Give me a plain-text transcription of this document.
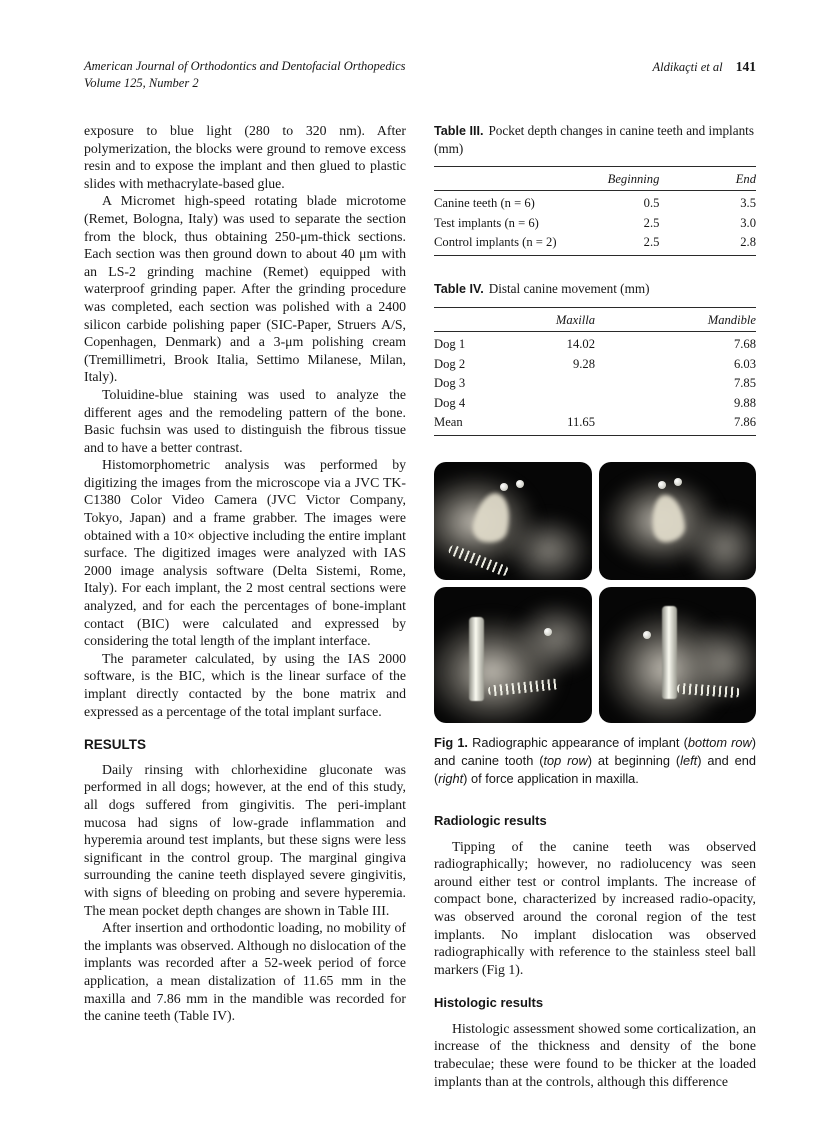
American Journal of Orthodontics and Dentofacial Orthopedics
Volume 125, Number 2
Aldikaçti et al 141

exposure to blue light (280 to 320 nm). After polymerization, the blocks were ground to remove excess resin and to expose the implant and then glued to plastic slides with methacrylate-based glue.

A Micromet high-speed rotating blade microtome (Remet, Bologna, Italy) was used to separate the section from the block, thus obtaining 250-μm-thick sections. Each section was then ground down to about 40 μm with an LS-2 grinding machine (Remet) equipped with waterproof grinding paper. After the grinding procedure was completed, each section was polished with a 2400 silicon carbide polishing paper (SIC-Paper, Struers A/S, Copenhagen, Denmark) and a 3-μm polishing cream (Tremillimetri, Brook Italia, Settimo Milanese, Milan, Italy).

Toluidine-blue staining was used to analyze the different ages and the remodeling pattern of the bone. Basic fuchsin was used to distinguish the fibrous tissue and to have a better contrast.

Histomorphometric analysis was performed by digitizing the images from the microscope via a JVC TK-C1380 Color Video Camera (JVC Victor Company, Tokyo, Japan) and a frame grabber. The images were obtained with a 10× objective including the entire implant surface. The digitized images were analyzed with IAS 2000 image analysis software (Delta Sistemi, Rome, Italy). For each implant, the 2 most central sections were analyzed, and for each the percentages of bone-implant contact (BIC) were calculated and expressed by considering the total length of the implant interface.

The parameter calculated, by using the IAS 2000 software, is the BIC, which is the linear surface of the implant directly contacted by the bone matrix and expressed as a percentage of the total implant surface.

RESULTS

Daily rinsing with chlorhexidine gluconate was performed in all dogs; however, at the end of this study, all dogs suffered from gingivitis. The peri-implant mucosa had signs of low-grade inflammation and hyperemia around test implants, but these signs were less significant in the control group. The marginal gingiva surrounding the canine teeth displayed severe gingivitis, with signs of bleeding on probing and severe hyperemia. The mean pocket depth changes are shown in Table III.

After insertion and orthodontic loading, no mobility of the implants was observed. Although no dislocation of the implants was recorded after a 52-week period of force application, a mean distalization of 11.65 mm in the maxilla and 7.86 mm in the mandible was recorded for the canine teeth (Table IV).

Table III. Pocket depth changes in canine teeth and implants (mm)
	Beginning	End
Canine teeth (n = 6)	0.5	3.5
Test implants (n = 6)	2.5	3.0
Control implants (n = 2)	2.5	2.8
Table IV. Distal canine movement (mm)
	Maxilla	Mandible
Dog 1	14.02	7.68
Dog 2	9.28	6.03
Dog 3		7.85
Dog 4		9.88
Mean	11.65	7.86
Fig 1. Radiographic appearance of implant (bottom row) and canine tooth (top row) at beginning (left) and end (right) of force application in maxilla.
Radiologic results

Tipping of the canine teeth was observed radiographically; however, no radiolucency was seen around either test or control implants. The increase of compact bone, characterized by increased radio-opacity, was observed around the coronal region of the test implants. No implant dislocation was observed radiographically with reference to the stainless steel ball markers (Fig 1).

Histologic results

Histologic assessment showed some corticalization, an increase of the thickness and density of the bone trabeculae; these were found to be thicker at the loaded implants than at the controls, although this difference
